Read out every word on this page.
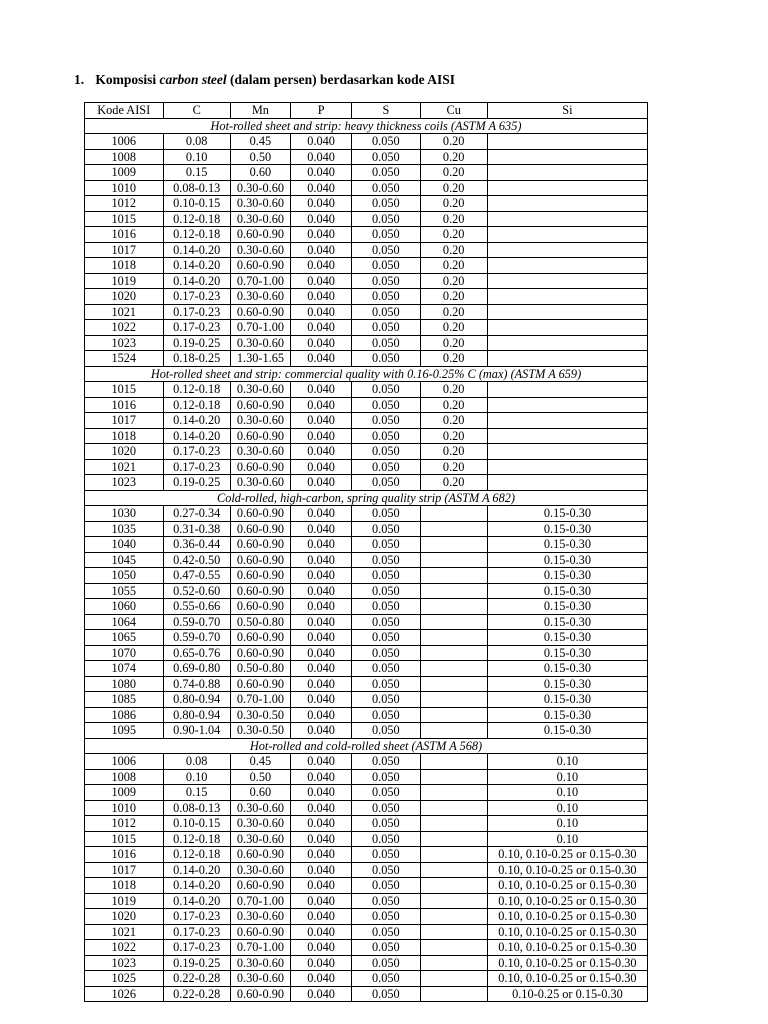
1. Komposisi carbon steel (dalam persen) berdasarkan kode AISI
Kode AISI	C	Mn	P	S	Cu	Si
Hot-rolled sheet and strip: heavy thickness coils (ASTM A 635)						
1006	0.08	0.45	0.040	0.050	0.20	
1008	0.10	0.50	0.040	0.050	0.20	
1009	0.15	0.60	0.040	0.050	0.20	
1010	0.08-0.13	0.30-0.60	0.040	0.050	0.20	
1012	0.10-0.15	0.30-0.60	0.040	0.050	0.20	
1015	0.12-0.18	0.30-0.60	0.040	0.050	0.20	
1016	0.12-0.18	0.60-0.90	0.040	0.050	0.20	
1017	0.14-0.20	0.30-0.60	0.040	0.050	0.20	
1018	0.14-0.20	0.60-0.90	0.040	0.050	0.20	
1019	0.14-0.20	0.70-1.00	0.040	0.050	0.20	
1020	0.17-0.23	0.30-0.60	0.040	0.050	0.20	
1021	0.17-0.23	0.60-0.90	0.040	0.050	0.20	
1022	0.17-0.23	0.70-1.00	0.040	0.050	0.20	
1023	0.19-0.25	0.30-0.60	0.040	0.050	0.20	
1524	0.18-0.25	1.30-1.65	0.040	0.050	0.20	
Hot-rolled sheet and strip: commercial quality with 0.16-0.25% C (max) (ASTM A 659)						
1015	0.12-0.18	0.30-0.60	0.040	0.050	0.20	
1016	0.12-0.18	0.60-0.90	0.040	0.050	0.20	
1017	0.14-0.20	0.30-0.60	0.040	0.050	0.20	
1018	0.14-0.20	0.60-0.90	0.040	0.050	0.20	
1020	0.17-0.23	0.30-0.60	0.040	0.050	0.20	
1021	0.17-0.23	0.60-0.90	0.040	0.050	0.20	
1023	0.19-0.25	0.30-0.60	0.040	0.050	0.20	
Cold-rolled, high-carbon, spring quality strip (ASTM A 682)						
1030	0.27-0.34	0.60-0.90	0.040	0.050		0.15-0.30
1035	0.31-0.38	0.60-0.90	0.040	0.050		0.15-0.30
1040	0.36-0.44	0.60-0.90	0.040	0.050		0.15-0.30
1045	0.42-0.50	0.60-0.90	0.040	0.050		0.15-0.30
1050	0.47-0.55	0.60-0.90	0.040	0.050		0.15-0.30
1055	0.52-0.60	0.60-0.90	0.040	0.050		0.15-0.30
1060	0.55-0.66	0.60-0.90	0.040	0.050		0.15-0.30
1064	0.59-0.70	0.50-0.80	0.040	0.050		0.15-0.30
1065	0.59-0.70	0.60-0.90	0.040	0.050		0.15-0.30
1070	0.65-0.76	0.60-0.90	0.040	0.050		0.15-0.30
1074	0.69-0.80	0.50-0.80	0.040	0.050		0.15-0.30
1080	0.74-0.88	0.60-0.90	0.040	0.050		0.15-0.30
1085	0.80-0.94	0.70-1.00	0.040	0.050		0.15-0.30
1086	0.80-0.94	0.30-0.50	0.040	0.050		0.15-0.30
1095	0.90-1.04	0.30-0.50	0.040	0.050		0.15-0.30
Hot-rolled and cold-rolled sheet (ASTM A 568)						
1006	0.08	0.45	0.040	0.050		0.10
1008	0.10	0.50	0.040	0.050		0.10
1009	0.15	0.60	0.040	0.050		0.10
1010	0.08-0.13	0.30-0.60	0.040	0.050		0.10
1012	0.10-0.15	0.30-0.60	0.040	0.050		0.10
1015	0.12-0.18	0.30-0.60	0.040	0.050		0.10
1016	0.12-0.18	0.60-0.90	0.040	0.050		0.10, 0.10-0.25 or 0.15-0.30
1017	0.14-0.20	0.30-0.60	0.040	0.050		0.10, 0.10-0.25 or 0.15-0.30
1018	0.14-0.20	0.60-0.90	0.040	0.050		0.10, 0.10-0.25 or 0.15-0.30
1019	0.14-0.20	0.70-1.00	0.040	0.050		0.10, 0.10-0.25 or 0.15-0.30
1020	0.17-0.23	0.30-0.60	0.040	0.050		0.10, 0.10-0.25 or 0.15-0.30
1021	0.17-0.23	0.60-0.90	0.040	0.050		0.10, 0.10-0.25 or 0.15-0.30
1022	0.17-0.23	0.70-1.00	0.040	0.050		0.10, 0.10-0.25 or 0.15-0.30
1023	0.19-0.25	0.30-0.60	0.040	0.050		0.10, 0.10-0.25 or 0.15-0.30
1025	0.22-0.28	0.30-0.60	0.040	0.050		0.10, 0.10-0.25 or 0.15-0.30
1026	0.22-0.28	0.60-0.90	0.040	0.050		0.10-0.25 or 0.15-0.30
